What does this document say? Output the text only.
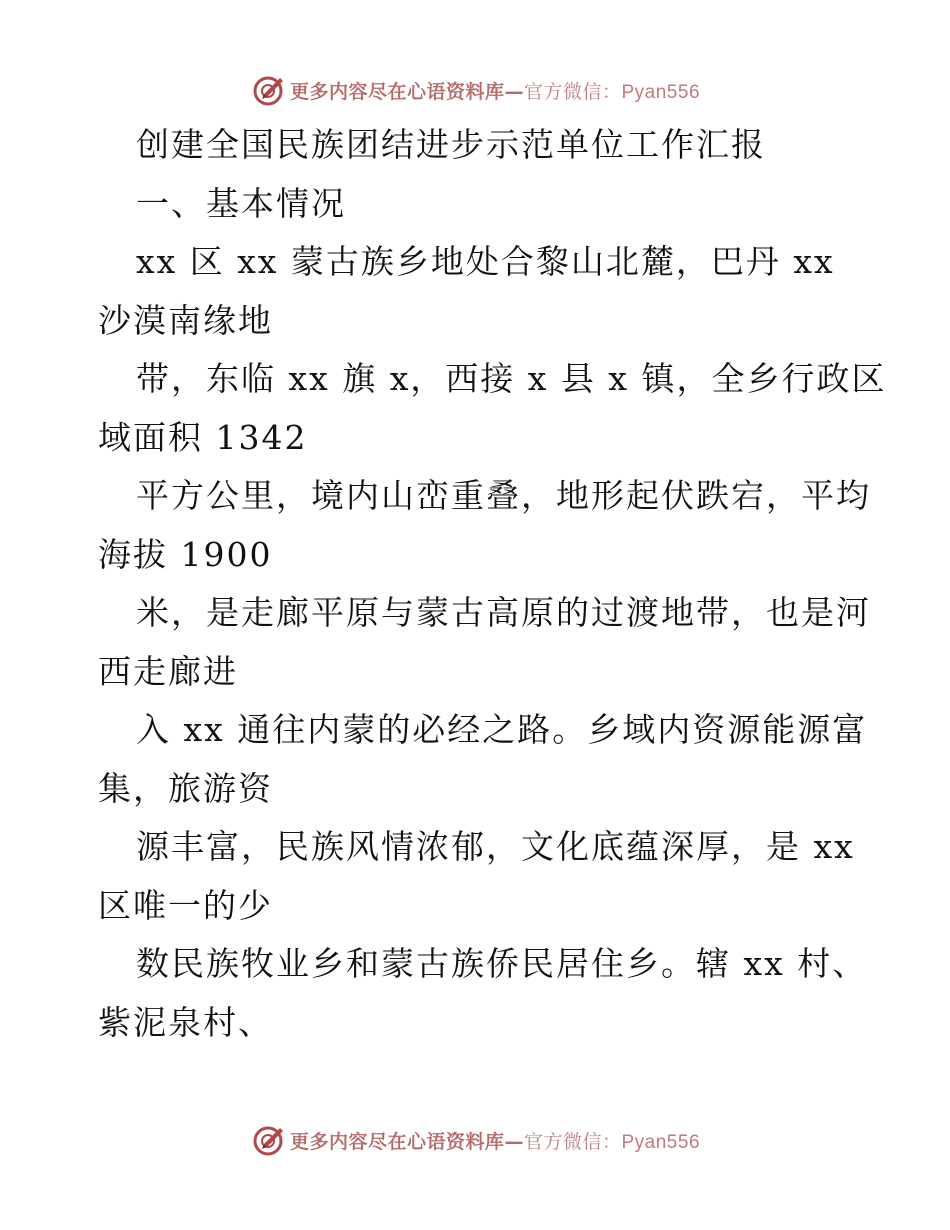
更多内容尽在心语资料库—官方微信：Pyan556
创建全国民族团结进步示范单位工作汇报
一、基本情况
xx 区 xx 蒙古族乡地处合黎山北麓，巴丹 xx
沙漠南缘地
带，东临 xx 旗 x，西接 x 县 x 镇，全乡行政区
域面积 1342
平方公里，境内山峦重叠，地形起伏跌宕，平均
海拔 1900
米，是走廊平原与蒙古高原的过渡地带，也是河
西走廊进
入 xx 通往内蒙的必经之路。乡域内资源能源富
集，旅游资
源丰富，民族风情浓郁，文化底蕴深厚，是 xx
区唯一的少
数民族牧业乡和蒙古族侨民居住乡。辖 xx 村、
紫泥泉村、
更多内容尽在心语资料库—官方微信：Pyan556
